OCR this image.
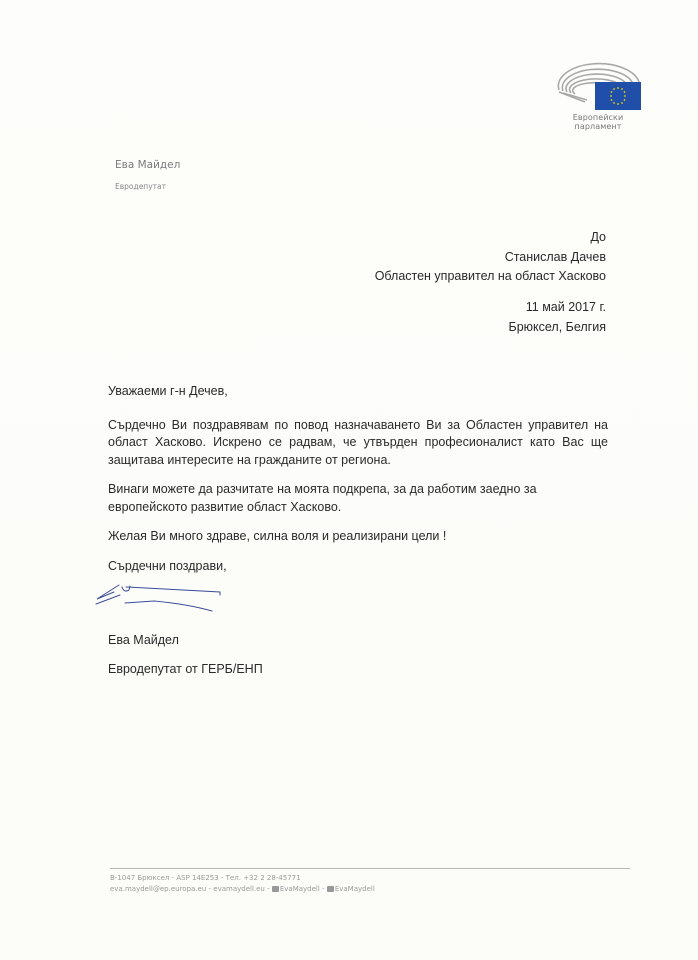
Европейски парламент
Ева Майдел
Евродепутат
До
Станислав Дачев
Областен управител на област Хасково
11 май 2017 г.
Брюксел, Белгия

Уважаеми г-н Дечев,

Сърдечно Ви поздравявам по повод назначаването Ви за Областен управител на област Хасково. Искрено се радвам, че утвърден професионалист като Вас ще защитава интересите на гражданите от региона.

Винаги можете да разчитате на моята подкрепа, за да работим заедно за европейското развитие област Хасково.

Желая Ви много здраве, силна воля и реализирани цели !

Сърдечни поздрави,

Ева Майдел
Евродепутат от ГЕРБ/ЕНП
B-1047 Брюксел - ASP 14E253 - Тел. +32 2 28-45771
eva.maydell@ep.europa.eu - evamaydell.eu - EvaMaydell - EvaMaydell
